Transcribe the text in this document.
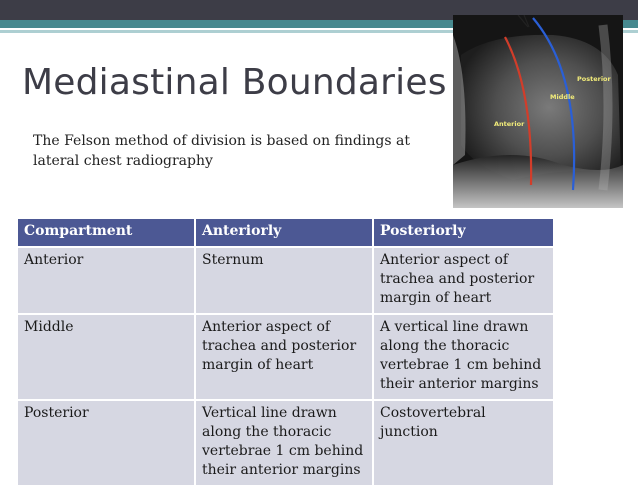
Mediastinal Boundaries

The Felson method of division is based on findings at lateral chest radiography

Posterior
Middle
Anterior
Compartment	Anteriorly	Posteriorly
Anterior	Sternum	Anterior aspect of trachea and posterior margin of heart
Middle	Anterior aspect of trachea and posterior margin of heart	A vertical line drawn along the thoracic vertebrae 1 cm behind their anterior margins
Posterior	Vertical line drawn along the thoracic vertebrae 1 cm behind their anterior margins	Costovertebral junction
